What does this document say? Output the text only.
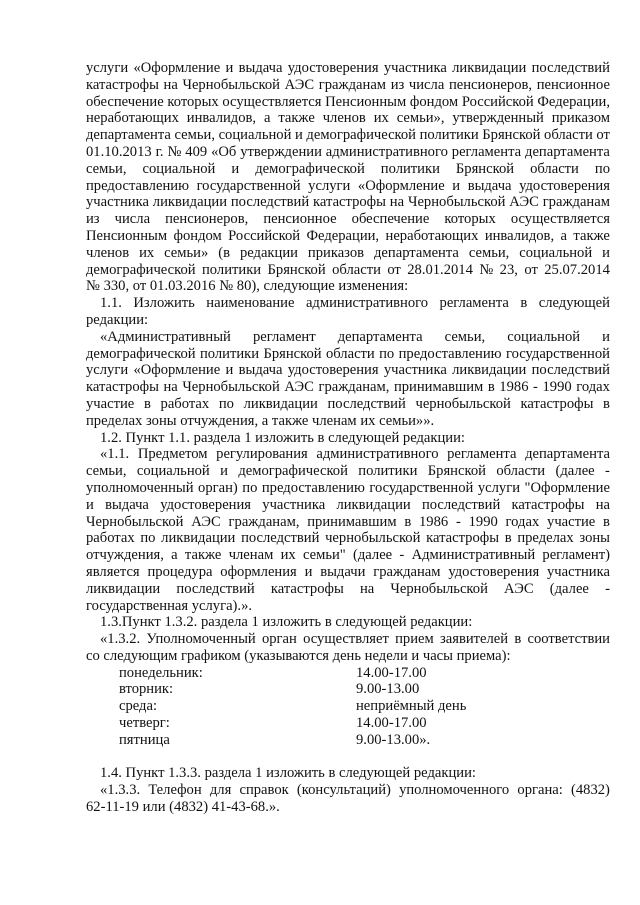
услуги «Оформление и выдача удостоверения участника ликвидации последствий
катастрофы на Чернобыльской АЭС гражданам из числа пенсионеров, пенсионное
обеспечение которых осуществляется Пенсионным фондом Российской Федерации,
неработающих инвалидов, а также членов их семьи», утвержденный приказом
департамента семьи, социальной и демографической политики Брянской области от
01.10.2013 г. № 409 «Об утверждении административного регламента департамента
семьи, социальной и демографической политики Брянской области по
предоставлению государственной услуги «Оформление и выдача удостоверения
участника ликвидации последствий катастрофы на Чернобыльской АЭС гражданам
из числа пенсионеров, пенсионное обеспечение которых осуществляется
Пенсионным фондом Российской Федерации, неработающих инвалидов, а также
членов их семьи» (в редакции приказов департамента семьи, социальной и
демографической политики Брянской области от 28.01.2014 № 23, от 25.07.2014
№ 330, от 01.03.2016 № 80), следующие изменения:
1.1. Изложить наименование административного регламента в следующей
редакции:
«Административный регламент департамента семьи, социальной и
демографической политики Брянской области по предоставлению государственной
услуги «Оформление и выдача удостоверения участника ликвидации последствий
катастрофы на Чернобыльской АЭС гражданам, принимавшим в 1986 - 1990 годах
участие в работах по ликвидации последствий чернобыльской катастрофы в
пределах зоны отчуждения, а также членам их семьи»».
1.2. Пункт 1.1. раздела 1 изложить в следующей редакции:
«1.1. Предметом регулирования административного регламента департамента
семьи, социальной и демографической политики Брянской области (далее -
уполномоченный орган) по предоставлению государственной услуги "Оформление
и выдача удостоверения участника ликвидации последствий катастрофы на
Чернобыльской АЭС гражданам, принимавшим в 1986 - 1990 годах участие в
работах по ликвидации последствий чернобыльской катастрофы в пределах зоны
отчуждения, а также членам их семьи" (далее - Административный регламент)
является процедура оформления и выдачи гражданам удостоверения участника
ликвидации последствий катастрофы на Чернобыльской АЭС (далее -
государственная услуга).».
1.3.Пункт 1.3.2. раздела 1 изложить в следующей редакции:
«1.3.2. Уполномоченный орган осуществляет прием заявителей в соответствии
со следующим графиком (указываются день недели и часы приема):
понедельник:	14.00-17.00
вторник:	9.00-13.00
среда:	неприёмный день
четверг:	14.00-17.00
пятница	9.00-13.00».
1.4. Пункт 1.3.3. раздела 1 изложить в следующей редакции:
«1.3.3. Телефон для справок (консультаций) уполномоченного органа: (4832)
62-11-19 или (4832) 41-43-68.».
